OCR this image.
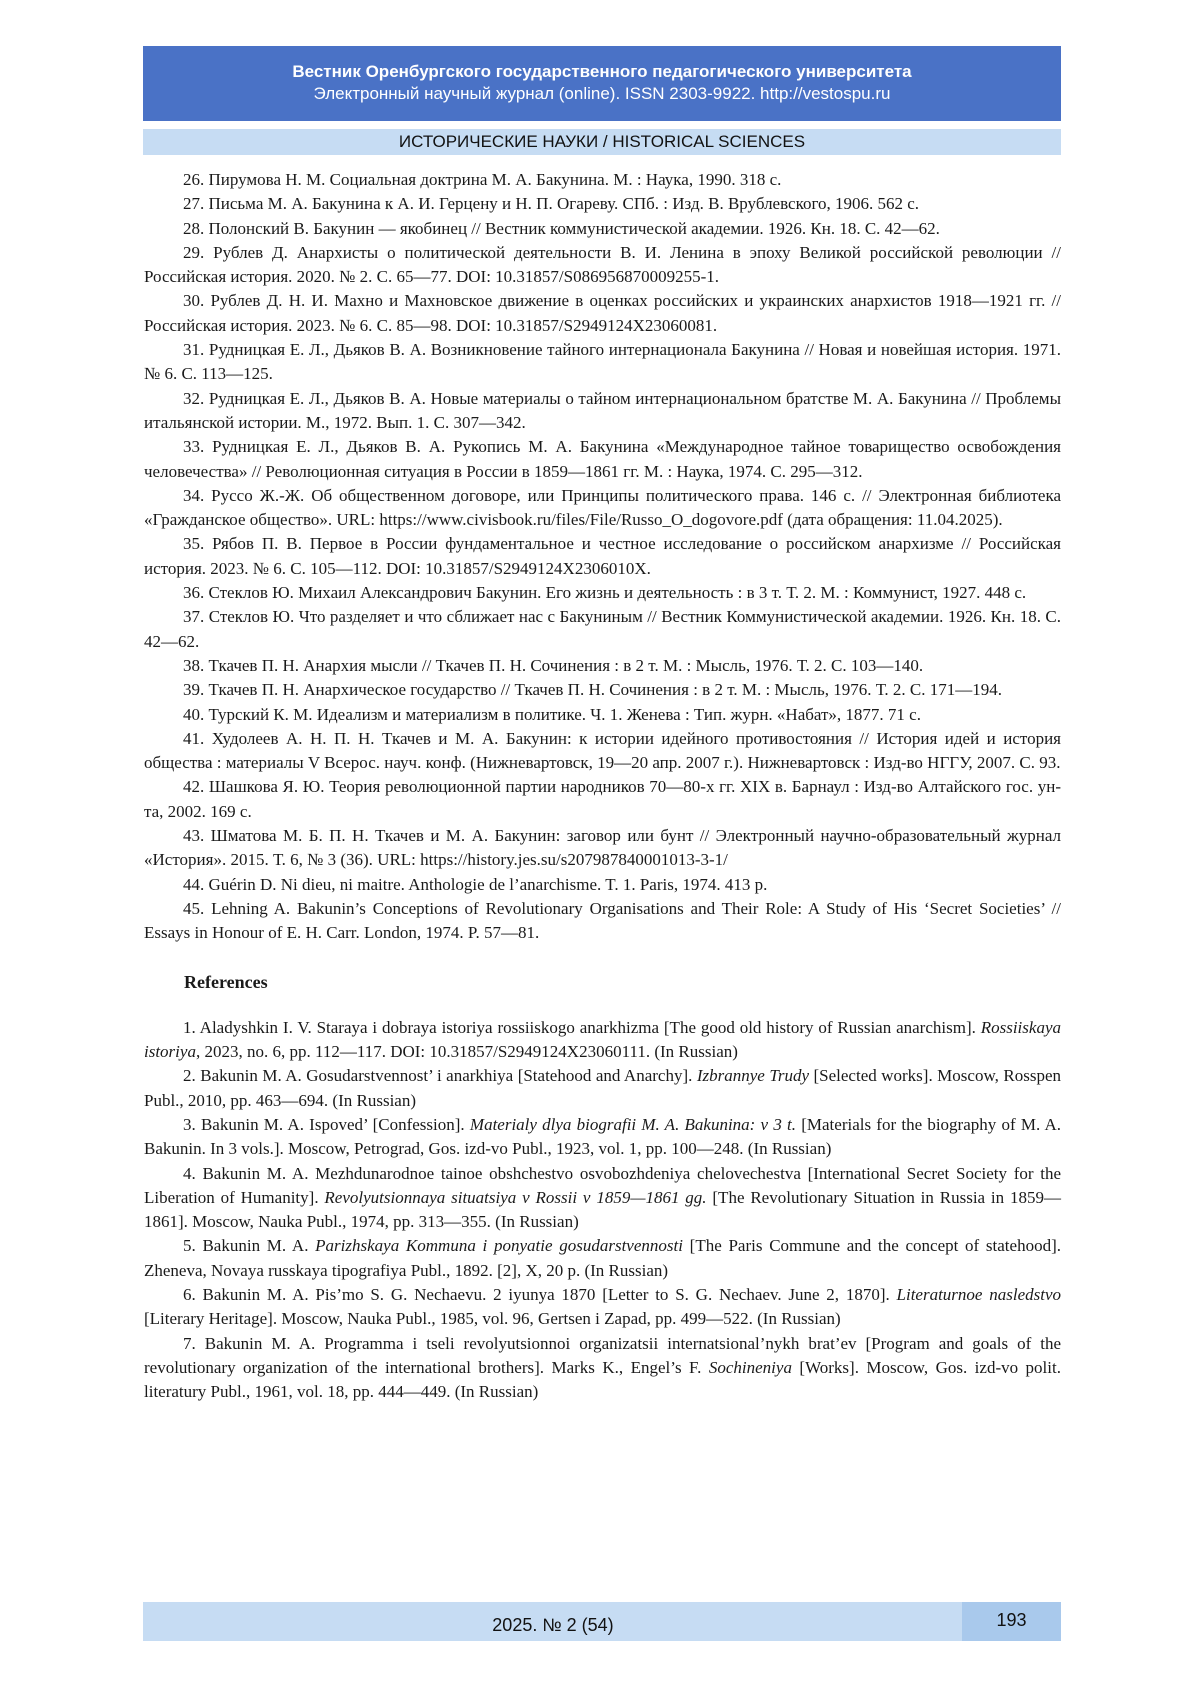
Вестник Оренбургского государственного педагогического университета
Электронный научный журнал (online). ISSN 2303-9922. http://vestospu.ru
ИСТОРИЧЕСКИЕ НАУКИ / HISTORICAL SCIENCES

26. Пирумова Н. М. Социальная доктрина М. А. Бакунина. М. : Наука, 1990. 318 с.

27. Письма М. А. Бакунина к А. И. Герцену и Н. П. Огареву. СПб. : Изд. В. Врублевского, 1906. 562 с.

28. Полонский В. Бакунин — якобинец // Вестник коммунистической академии. 1926. Кн. 18. С. 42—62.

29. Рублев Д. Анархисты о политической деятельности В. И. Ленина в эпоху Великой российской революции // Российская история. 2020. № 2. С. 65—77. DOI: 10.31857/S086956870009255-1.

30. Рублев Д. Н. И. Махно и Махновское движение в оценках российских и украинских анархистов 1918—1921 гг. // Российская история. 2023. № 6. С. 85—98. DOI: 10.31857/S2949124X23060081.

31. Рудницкая Е. Л., Дьяков В. А. Возникновение тайного интернационала Бакунина // Новая и новейшая история. 1971. № 6. С. 113—125.

32. Рудницкая Е. Л., Дьяков В. А. Новые материалы о тайном интернациональном братстве М. А. Бакунина // Проблемы итальянской истории. М., 1972. Вып. 1. С. 307—342.

33. Рудницкая Е. Л., Дьяков В. А. Рукопись М. А. Бакунина «Международное тайное товарищество освобождения человечества» // Революционная ситуация в России в 1859—1861 гг. М. : Наука, 1974. С. 295—312.

34. Руссо Ж.-Ж. Об общественном договоре, или Принципы политического права. 146 с. // Электронная библиотека «Гражданское общество». URL: https://www.civisbook.ru/files/File/Russo_O_dogovore.pdf (дата обращения: 11.04.2025).

35. Рябов П. В. Первое в России фундаментальное и честное исследование о российском анархизме // Российская история. 2023. № 6. С. 105—112. DOI: 10.31857/S2949124X2306010X.

36. Стеклов Ю. Михаил Александрович Бакунин. Его жизнь и деятельность : в 3 т. Т. 2. М. : Коммунист, 1927. 448 с.

37. Стеклов Ю. Что разделяет и что сближает нас с Бакуниным // Вестник Коммунистической академии. 1926. Кн. 18. С. 42—62.

38. Ткачев П. Н. Анархия мысли // Ткачев П. Н. Сочинения : в 2 т. М. : Мысль, 1976. Т. 2. С. 103—140.

39. Ткачев П. Н. Анархическое государство // Ткачев П. Н. Сочинения : в 2 т. М. : Мысль, 1976. Т. 2. С. 171—194.

40. Турский К. М. Идеализм и материализм в политике. Ч. 1. Женева : Тип. журн. «Набат», 1877. 71 с.

41. Худолеев А. Н. П. Н. Ткачев и М. А. Бакунин: к истории идейного противостояния // История идей и история общества : материалы V Всерос. науч. конф. (Нижневартовск, 19—20 апр. 2007 г.). Нижневартовск : Изд-во НГГУ, 2007. С. 93.

42. Шашкова Я. Ю. Теория революционной партии народников 70—80-х гг. XIX в. Барнаул : Изд-во Алтайского гос. ун-та, 2002. 169 с.

43. Шматова М. Б. П. Н. Ткачев и М. А. Бакунин: заговор или бунт // Электронный научно-образовательный журнал «История». 2015. Т. 6, № 3 (36). URL: https://history.jes.su/s207987840001013-3-1/

44. Guérin D. Ni dieu, ni maitre. Anthologie de l’anarchisme. T. 1. Paris, 1974. 413 p.

45. Lehning A. Bakunin’s Conceptions of Revolutionary Organisations and Their Role: A Study of His ‘Secret Societies’ // Essays in Honour of E. H. Carr. London, 1974. P. 57—81.

References

1. Aladyshkin I. V. Staraya i dobraya istoriya rossiiskogo anarkhizma [The good old history of Russian anarchism]. Rossiiskaya istoriya, 2023, no. 6, pp. 112—117. DOI: 10.31857/S2949124X23060111. (In Russian)

2. Bakunin M. A. Gosudarstvennost’ i anarkhiya [Statehood and Anarchy]. Izbrannye Trudy [Selected works]. Moscow, Rosspen Publ., 2010, pp. 463—694. (In Russian)

3. Bakunin M. A. Ispoved’ [Confession]. Materialy dlya biografii M. A. Bakunina: v 3 t. [Materials for the biography of M. A. Bakunin. In 3 vols.]. Moscow, Petrograd, Gos. izd-vo Publ., 1923, vol. 1, pp. 100—248. (In Russian)

4. Bakunin M. A. Mezhdunarodnoe tainoe obshchestvo osvobozhdeniya chelovechestva [International Secret Society for the Liberation of Humanity]. Revolyutsionnaya situatsiya v Rossii v 1859—1861 gg. [The Revolutionary Situation in Russia in 1859—1861]. Moscow, Nauka Publ., 1974, pp. 313—355. (In Russian)

5. Bakunin M. A. Parizhskaya Kommuna i ponyatie gosudarstvennosti [The Paris Commune and the concept of statehood]. Zheneva, Novaya russkaya tipografiya Publ., 1892. [2], X, 20 p. (In Russian)

6. Bakunin M. A. Pis’mo S. G. Nechaevu. 2 iyunya 1870 [Letter to S. G. Nechaev. June 2, 1870]. Literaturnoe nasledstvo [Literary Heritage]. Moscow, Nauka Publ., 1985, vol. 96, Gertsen i Zapad, pp. 499—522. (In Russian)

7. Bakunin M. A. Programma i tseli revolyutsionnoi organizatsii internatsional’nykh brat’ev [Program and goals of the revolutionary organization of the international brothers]. Marks K., Engel’s F. Sochineniya [Works]. Moscow, Gos. izd-vo polit. literatury Publ., 1961, vol. 18, pp. 444—449. (In Russian)

2025. № 2 (54)	193
